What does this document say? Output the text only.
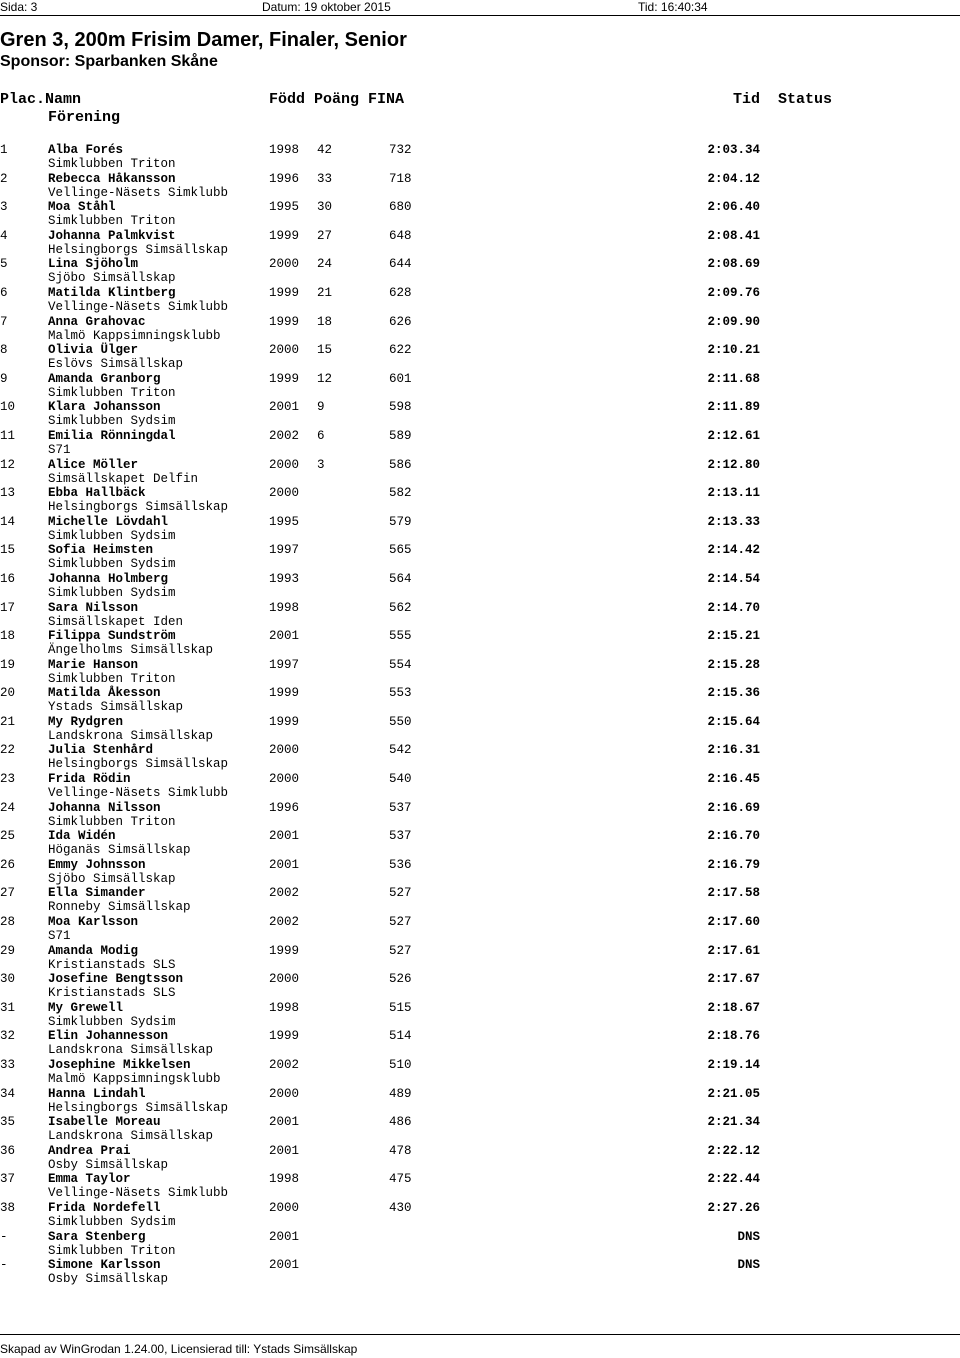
Sida: 3	Datum: 19 oktober 2015	Tid: 16:40:34
Gren 3, 200m Frisim Damer, Finaler, Senior
Sponsor: Sparbanken Skåne
Plac.Namn
Förening
Född Poäng FINA	Tid Status
1	Alba Forés
Simklubben Triton
1998 42	732	2:03.34
2	Rebecca Håkansson
Vellinge-Näsets Simklubb
1996 33	718	2:04.12
3	Moa Ståhl
Simklubben Triton
1995 30	680	2:06.40
4	Johanna Palmkvist
Helsingborgs Simsällskap
1999 27	648	2:08.41
5	Lina Sjöholm
Sjöbo Simsällskap
2000 24	644	2:08.69
6	Matilda Klintberg
Vellinge-Näsets Simklubb
1999 21	628	2:09.76
7	Anna Grahovac
Malmö Kappsimningsklubb
1999 18	626	2:09.90
8	Olivia Ülger
Eslövs Simsällskap
2000 15	622	2:10.21
9	Amanda Granborg
Simklubben Triton
1999 12	601	2:11.68
10	Klara Johansson
Simklubben Sydsim
2001 9	598	2:11.89
11	Emilia Rönningdal
S71
2002 6	589	2:12.61
12	Alice Möller
Simsällskapet Delfin
2000 3	586	2:12.80
13	Ebba Hallbäck
Helsingborgs Simsällskap
2000	582	2:13.11
14	Michelle Lövdahl
Simklubben Sydsim
1995	579	2:13.33
15	Sofia Heimsten
Simklubben Sydsim
1997	565	2:14.42
16	Johanna Holmberg
Simklubben Sydsim
1993	564	2:14.54
17	Sara Nilsson
Simsällskapet Iden
1998	562	2:14.70
18	Filippa Sundström
Ängelholms Simsällskap
2001	555	2:15.21
19	Marie Hanson
Simklubben Triton
1997	554	2:15.28
20	Matilda Åkesson
Ystads Simsällskap
1999	553	2:15.36
21	My Rydgren
Landskrona Simsällskap
1999	550	2:15.64
22	Julia Stenhård
Helsingborgs Simsällskap
2000	542	2:16.31
23	Frida Rödin
Vellinge-Näsets Simklubb
2000	540	2:16.45
24	Johanna Nilsson
Simklubben Triton
1996	537	2:16.69
25	Ida Widén
Höganäs Simsällskap
2001	537	2:16.70
26	Emmy Johnsson
Sjöbo Simsällskap
2001	536	2:16.79
27	Ella Simander
Ronneby Simsällskap
2002	527	2:17.58
28	Moa Karlsson
S71
2002	527	2:17.60
29	Amanda Modig
Kristianstads SLS
1999	527	2:17.61
30	Josefine Bengtsson
Kristianstads SLS
2000	526	2:17.67
31	My Grewell
Simklubben Sydsim
1998	515	2:18.67
32	Elin Johannesson
Landskrona Simsällskap
1999	514	2:18.76
33	Josephine Mikkelsen
Malmö Kappsimningsklubb
2002	510	2:19.14
34	Hanna Lindahl
Helsingborgs Simsällskap
2000	489	2:21.05
35	Isabelle Moreau
Landskrona Simsällskap
2001	486	2:21.34
36	Andrea Prai
Osby Simsällskap
2001	478	2:22.12
37	Emma Taylor
Vellinge-Näsets Simklubb
1998	475	2:22.44
38	Frida Nordefell
Simklubben Sydsim
2000	430	2:27.26
-	Sara Stenberg
Simklubben Triton
2001	DNS
-	Simone Karlsson
Osby Simsällskap
2001	DNS
Skapad av WinGrodan 1.24.00, Licensierad till: Ystads Simsällskap
